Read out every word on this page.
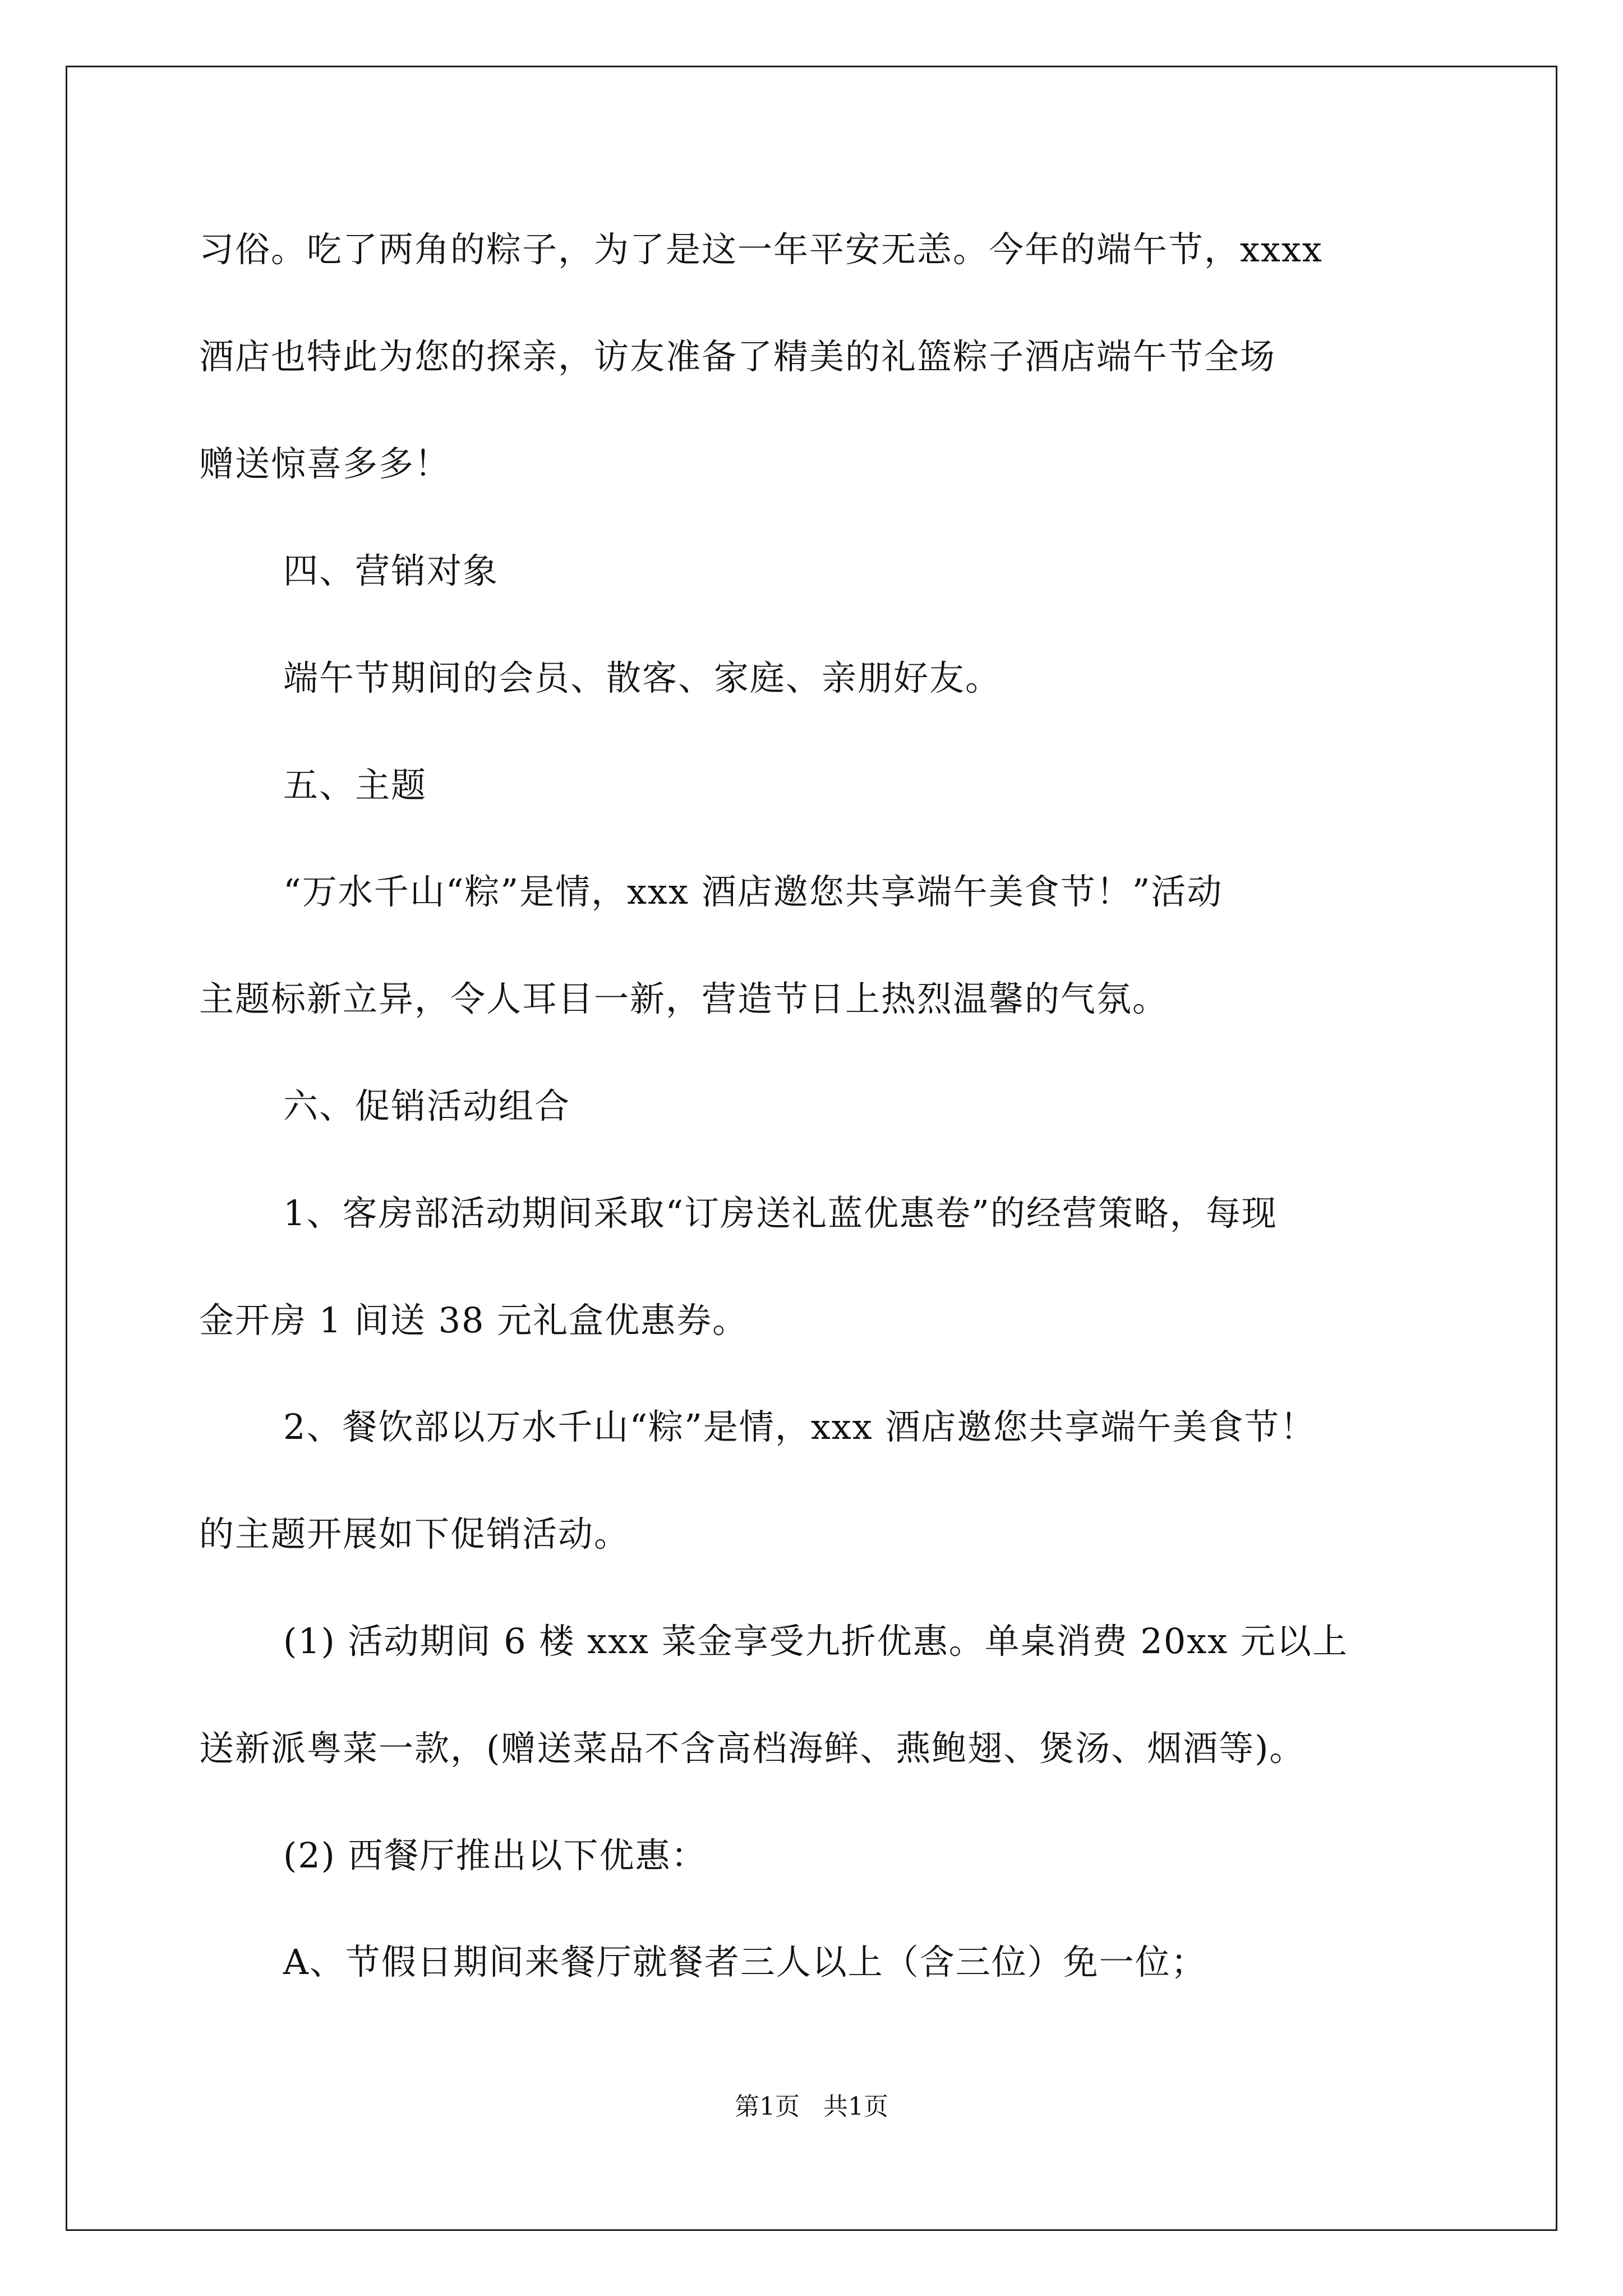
习俗。吃了两角的粽子，为了是这一年平安无恙。今年的端午节，xxxx
酒店也特此为您的探亲，访友准备了精美的礼篮粽子酒店端午节全场
赠送惊喜多多！
四、营销对象
端午节期间的会员、散客、家庭、亲朋好友。
五、主题
“万水千山“粽”是情，xxx 酒店邀您共享端午美食节！”活动
主题标新立异，令人耳目一新，营造节日上热烈温馨的气氛。
六、促销活动组合
1、客房部活动期间采取“订房送礼蓝优惠卷”的经营策略，每现
金开房 1 间送 38 元礼盒优惠券。
2、餐饮部以万水千山“粽”是情，xxx 酒店邀您共享端午美食节！
的主题开展如下促销活动。
(1) 活动期间 6 楼 xxx 菜金享受九折优惠。单桌消费 20xx 元以上
送新派粤菜一款，(赠送菜品不含高档海鲜、燕鲍翅、煲汤、烟酒等)。
(2) 西餐厅推出以下优惠：
A、节假日期间来餐厅就餐者三人以上（含三位）免一位；
第1页   共1页
